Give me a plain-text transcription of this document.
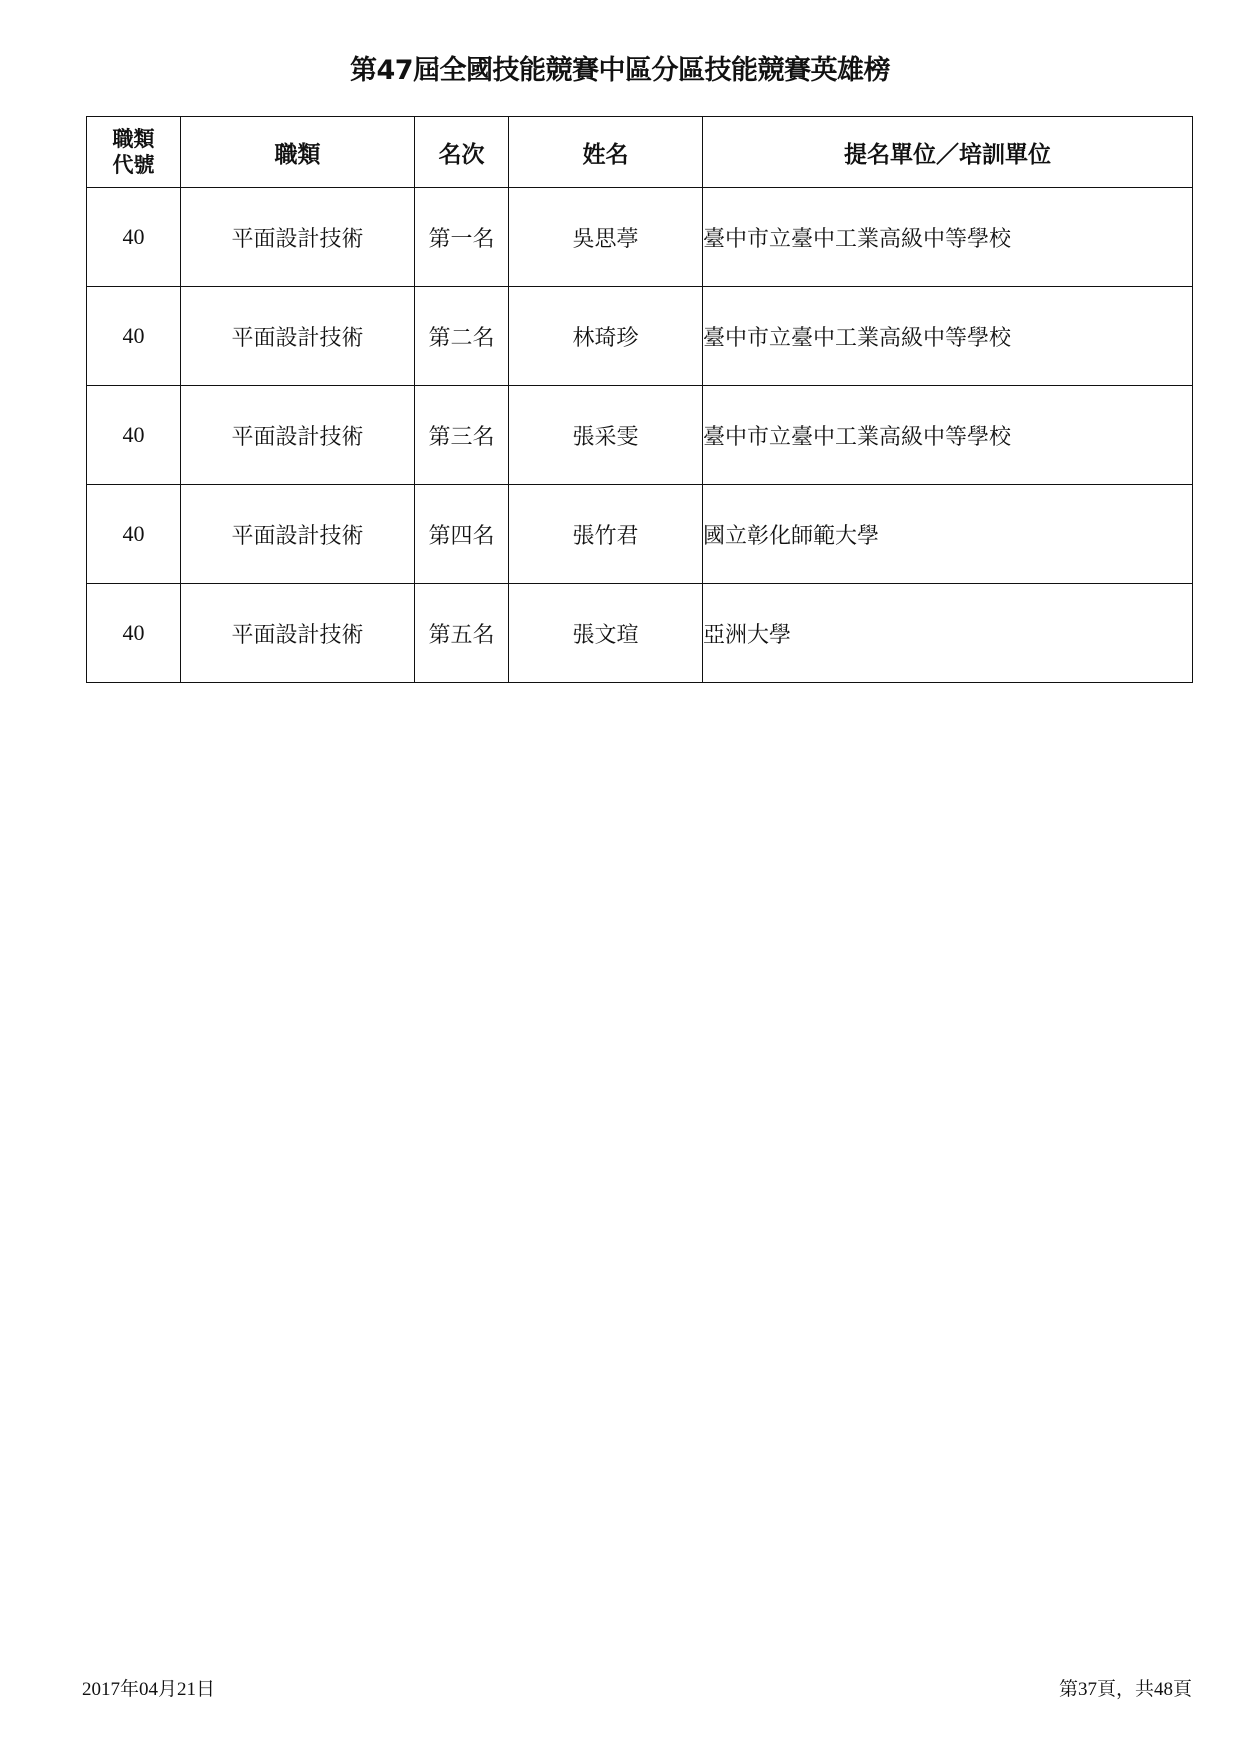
第47屆全國技能競賽中區分區技能競賽英雄榜
職類
代號	職類	名次	姓名	提名單位／培訓單位
40	平面設計技術	第一名	吳思葶	臺中市立臺中工業高級中等學校
40	平面設計技術	第二名	林琦珍	臺中市立臺中工業高級中等學校
40	平面設計技術	第三名	張采雯	臺中市立臺中工業高級中等學校
40	平面設計技術	第四名	張竹君	國立彰化師範大學
40	平面設計技術	第五名	張文瑄	亞洲大學
2017年04月21日	第37頁，共48頁
